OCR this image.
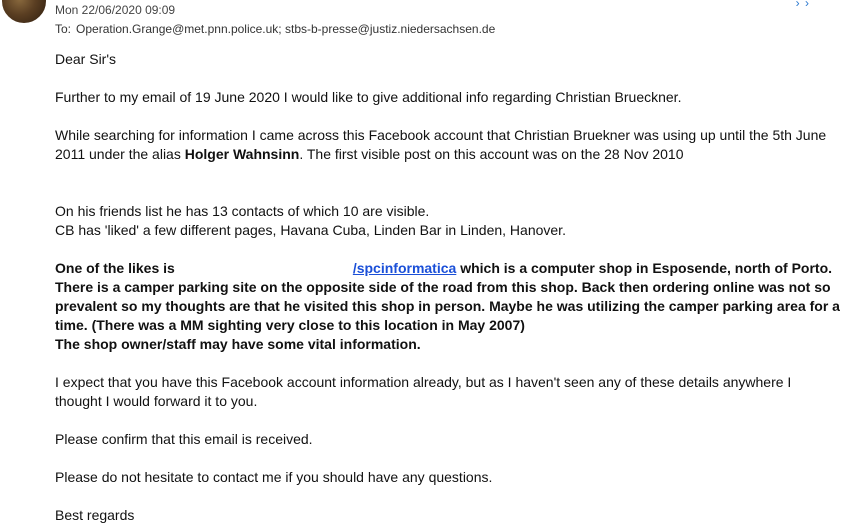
Mon 22/06/2020 09:09	› ›
To: Operation.Grange@met.pnn.police.uk; stbs-b-presse@justiz.niedersachsen.de

Dear Sir's

Further to my email of 19 June 2020 I would like to give additional info regarding Christian Brueckner.

While searching for information I came across this Facebook account that Christian Bruekner was using up until the 5th June 2011 under the alias Holger Wahnsinn. The first visible post on this account was on the 28 Nov 2010

On his friends list he has 13 contacts of which 10 are visible.

CB has 'liked' a few different pages, Havana Cuba, Linden Bar in Linden, Hanover.

One of the likes is	/spcinformatica which is a computer shop in Esposende, north of Porto. There is a camper parking site on the opposite side of the road from this shop. Back then ordering online was not so prevalent so my thoughts are that he visited this shop in person. Maybe he was utilizing the camper parking area for a time. (There was a MM sighting very close to this location in May 2007)

The shop owner/staff may have some vital information.

I expect that you have this Facebook account information already, but as I haven't seen any of these details anywhere I thought I would forward it to you.

Please confirm that this email is received.

Please do not hesitate to contact me if you should have any questions.

Best regards
